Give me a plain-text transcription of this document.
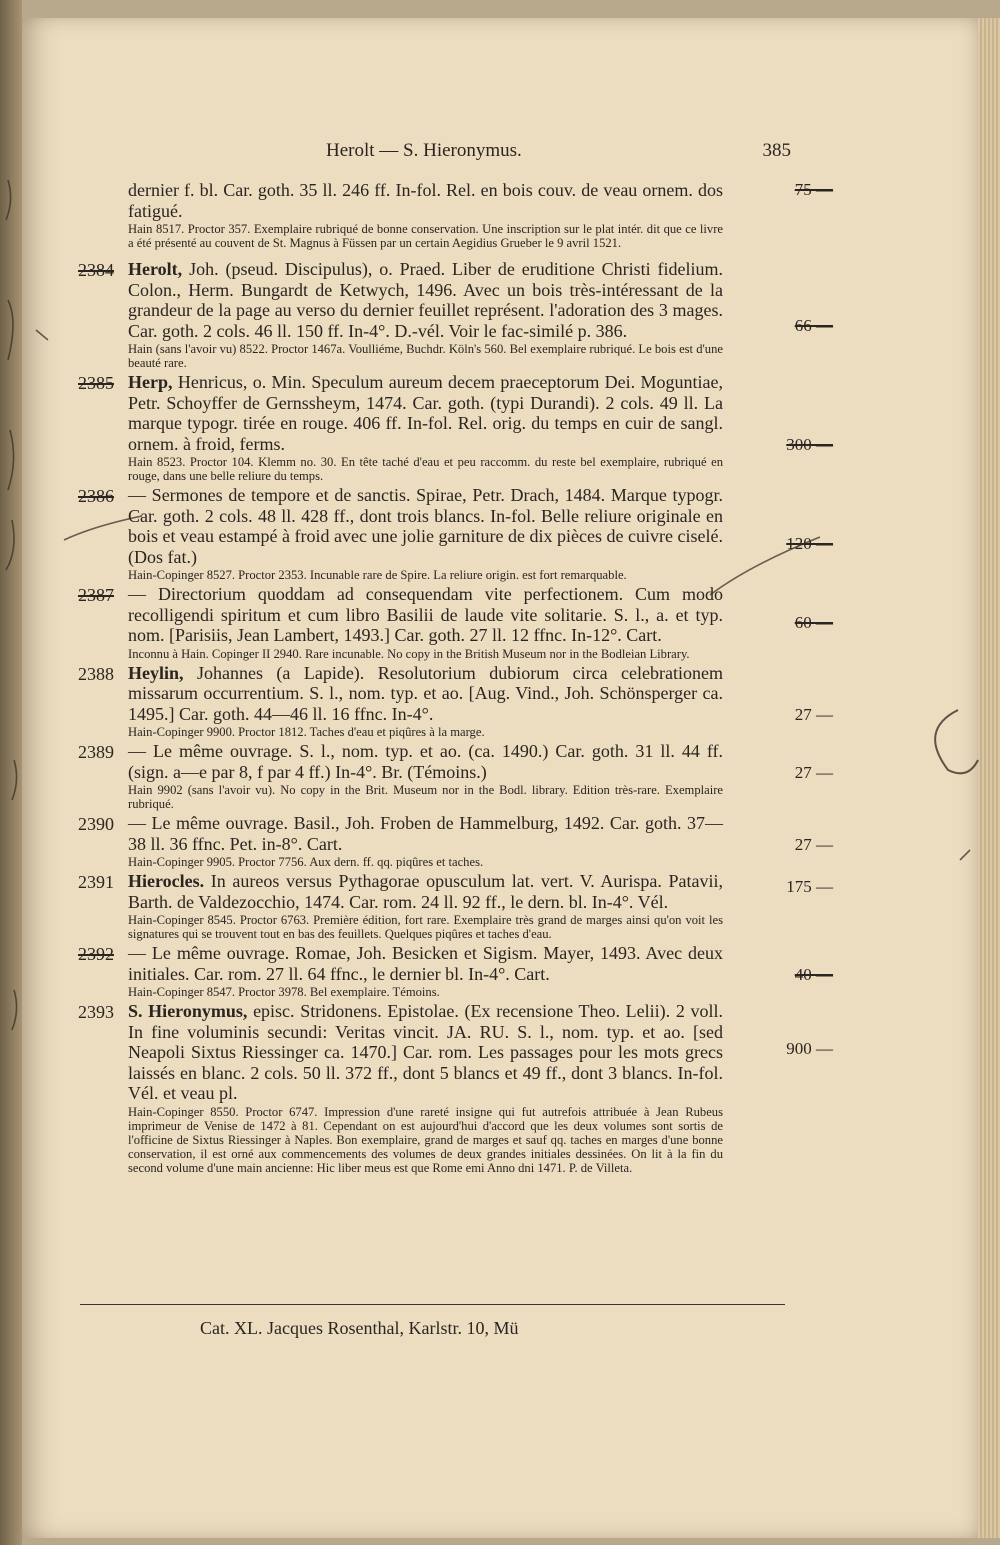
Herolt — S. Hieronymus.	385
dernier f. bl. Car. goth. 35 ll. 246 ff. In-fol. Rel. en bois couv. de veau ornem. dos fatigué.
Hain 8517. Proctor 357. Exemplaire rubriqué de bonne conservation. Une inscription sur le plat intér. dit que ce livre a été présenté au couvent de St. Magnus à Füssen par un certain Aegidius Grueber le 9 avril 1521.
75 —
2384 Herolt, Joh. (pseud. Discipulus), o. Praed. Liber de eruditione Christi fidelium. Colon., Herm. Bungardt de Ketwych, 1496. Avec un bois très-intéressant de la grandeur de la page au verso du dernier feuillet représent. l'adoration des 3 mages. Car. goth. 2 cols. 46 ll. 150 ff. In-4°. D.-vél. Voir le fac-similé p. 386.
Hain (sans l'avoir vu) 8522. Proctor 1467a. Voulliéme, Buchdr. Köln's 560. Bel exemplaire rubriqué. Le bois est d'une beauté rare.
66 —
2385 Herp, Henricus, o. Min. Speculum aureum decem praeceptorum Dei. Moguntiae, Petr. Schoyffer de Gernssheym, 1474. Car. goth. (typi Durandi). 2 cols. 49 ll. La marque typogr. tirée en rouge. 406 ff. In-fol. Rel. orig. du temps en cuir de sangl. ornem. à froid, ferms.
Hain 8523. Proctor 104. Klemm no. 30. En tête taché d'eau et peu raccomm. du reste bel exemplaire, rubriqué en rouge, dans une belle reliure du temps.
300 —
2386 — Sermones de tempore et de sanctis. Spirae, Petr. Drach, 1484. Marque typogr. Car. goth. 2 cols. 48 ll. 428 ff., dont trois blancs. In-fol. Belle reliure originale en bois et veau estampé à froid avec une jolie garniture de dix pièces de cuivre ciselé. (Dos fat.)
Hain-Copinger 8527. Proctor 2353. Incunable rare de Spire. La reliure origin. est fort remarquable.
120 —
2387 — Directorium quoddam ad consequendam vite perfectionem. Cum modo recolligendi spiritum et cum libro Basilii de laude vite solitarie. S. l., a. et typ. nom. [Parisiis, Jean Lambert, 1493.] Car. goth. 27 ll. 12 ffnc. In-12°. Cart.
Inconnu à Hain. Copinger II 2940. Rare incunable. No copy in the British Museum nor in the Bodleian Library.
60 —
2388 Heylin, Johannes (a Lapide). Resolutorium dubiorum circa celebrationem missarum occurrentium. S. l., nom. typ. et ao. [Aug. Vind., Joh. Schönsperger ca. 1495.] Car. goth. 44—46 ll. 16 ffnc. In-4°.
Hain-Copinger 9900. Proctor 1812. Taches d'eau et piqûres à la marge.
27 —
2389 — Le même ouvrage. S. l., nom. typ. et ao. (ca. 1490.) Car. goth. 31 ll. 44 ff. (sign. a—e par 8, f par 4 ff.) In-4°. Br. (Témoins.)
Hain 9902 (sans l'avoir vu). No copy in the Brit. Museum nor in the Bodl. library. Edition très-rare. Exemplaire rubriqué.
27 —
2390 — Le même ouvrage. Basil., Joh. Froben de Hammelburg, 1492. Car. goth. 37—38 ll. 36 ffnc. Pet. in-8°. Cart.
Hain-Copinger 9905. Proctor 7756. Aux dern. ff. qq. piqûres et taches.
27 —
2391 Hierocles. In aureos versus Pythagorae opusculum lat. vert. V. Aurispa. Patavii, Barth. de Valdezocchio, 1474. Car. rom. 24 ll. 92 ff., le dern. bl. In-4°. Vél.
Hain-Copinger 8545. Proctor 6763. Première édition, fort rare. Exemplaire très grand de marges ainsi qu'on voit les signatures qui se trouvent tout en bas des feuillets. Quelques piqûres et taches d'eau.
175 —
2392 — Le même ouvrage. Romae, Joh. Besicken et Sigism. Mayer, 1493. Avec deux initiales. Car. rom. 27 ll. 64 ffnc., le dernier bl. In-4°. Cart.
Hain-Copinger 8547. Proctor 3978. Bel exemplaire. Témoins.
40 —
2393 S. Hieronymus, episc. Stridonens. Epistolae. (Ex recensione Theo. Lelii). 2 voll. In fine voluminis secundi: Veritas vincit. JA. RU. S. l., nom. typ. et ao. [sed Neapoli Sixtus Riessinger ca. 1470.] Car. rom. Les passages pour les mots grecs laissés en blanc. 2 cols. 50 ll. 372 ff., dont 5 blancs et 49 ff., dont 3 blancs. In-fol. Vél. et veau pl.
Hain-Copinger 8550. Proctor 6747. Impression d'une rareté insigne qui fut autrefois attribuée à Jean Rubeus imprimeur de Venise de 1472 à 81. Cependant on est aujourd'hui d'accord que les deux volumes sont sortis de l'officine de Sixtus Riessinger à Naples. Bon exemplaire, grand de marges et sauf qq. taches en marges d'une bonne conservation, il est orné aux commencements des volumes de deux grandes initiales dessinées. On lit à la fin du second volume d'une main ancienne: Hic liber meus est que Rome emi Anno dni 1471. P. de Villeta.
900 —
Cat. XL. Jacques Rosenthal, Karlstr. 10, Mü
